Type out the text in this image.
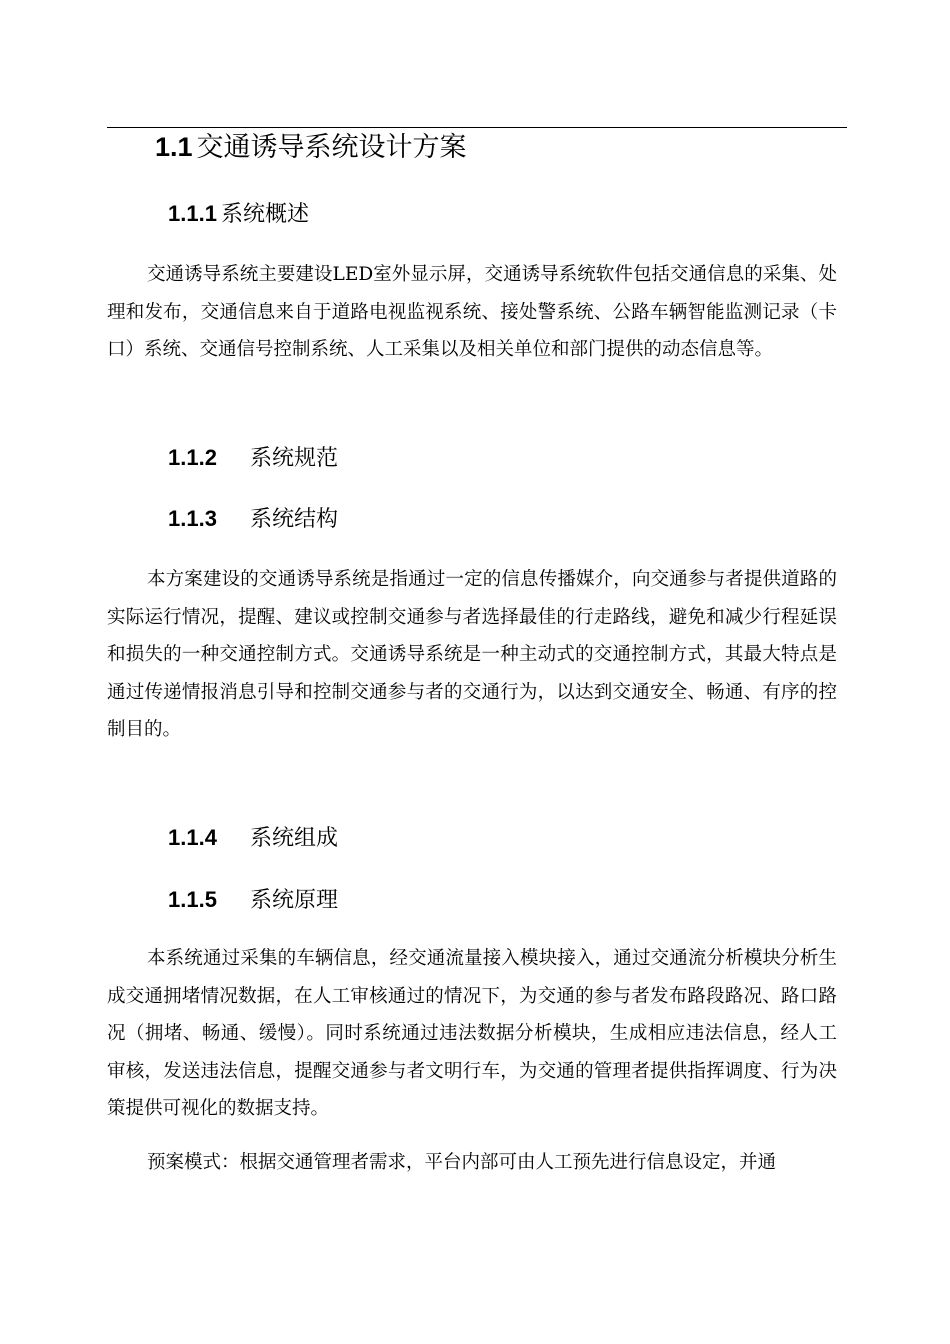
1.1 交通诱导系统设计方案
1.1.1 系统概述

交通诱导系统主要建设LED室外显示屏，交通诱导系统软件包括交通信息的采集、处理和发布，交通信息来自于道路电视监视系统、接处警系统、公路车辆智能监测记录（卡口）系统、交通信号控制系统、人工采集以及相关单位和部门提供的动态信息等。

1.1.2 系统规范
1.1.3 系统结构

本方案建设的交通诱导系统是指通过一定的信息传播媒介，向交通参与者提供道路的实际运行情况，提醒、建议或控制交通参与者选择最佳的行走路线，避免和减少行程延误和损失的一种交通控制方式。交通诱导系统是一种主动式的交通控制方式，其最大特点是通过传递情报消息引导和控制交通参与者的交通行为，以达到交通安全、畅通、有序的控制目的。

1.1.4 系统组成
1.1.5 系统原理

本系统通过采集的车辆信息，经交通流量接入模块接入，通过交通流分析模块分析生成交通拥堵情况数据，在人工审核通过的情况下，为交通的参与者发布路段路况、路口路况（拥堵、畅通、缓慢）。同时系统通过违法数据分析模块，生成相应违法信息，经人工审核，发送违法信息，提醒交通参与者文明行车，为交通的管理者提供指挥调度、行为决策提供可视化的数据支持。

预案模式：根据交通管理者需求，平台内部可由人工预先进行信息设定，并通
